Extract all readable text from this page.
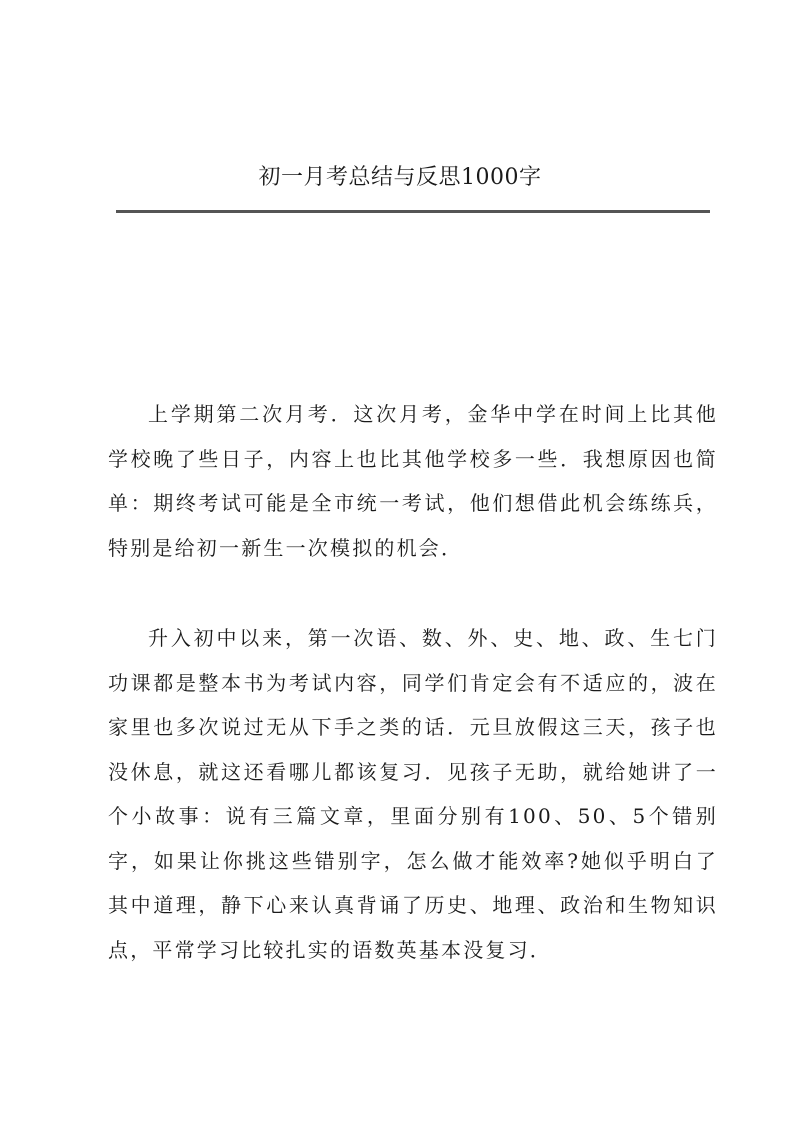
初一月考总结与反思1000字

上学期第二次月考．这次月考，金华中学在时间上比其他学校晚了些日子，内容上也比其他学校多一些．我想原因也简单：期终考试可能是全市统一考试，他们想借此机会练练兵，特别是给初一新生一次模拟的机会．

升入初中以来，第一次语、数、外、史、地、政、生七门功课都是整本书为考试内容，同学们肯定会有不适应的，波在家里也多次说过无从下手之类的话．元旦放假这三天，孩子也没休息，就这还看哪儿都该复习．见孩子无助，就给她讲了一个小故事：说有三篇文章，里面分别有100、50、5个错别字，如果让你挑这些错别字，怎么做才能效率?她似乎明白了其中道理，静下心来认真背诵了历史、地理、政治和生物知识点，平常学习比较扎实的语数英基本没复习．
